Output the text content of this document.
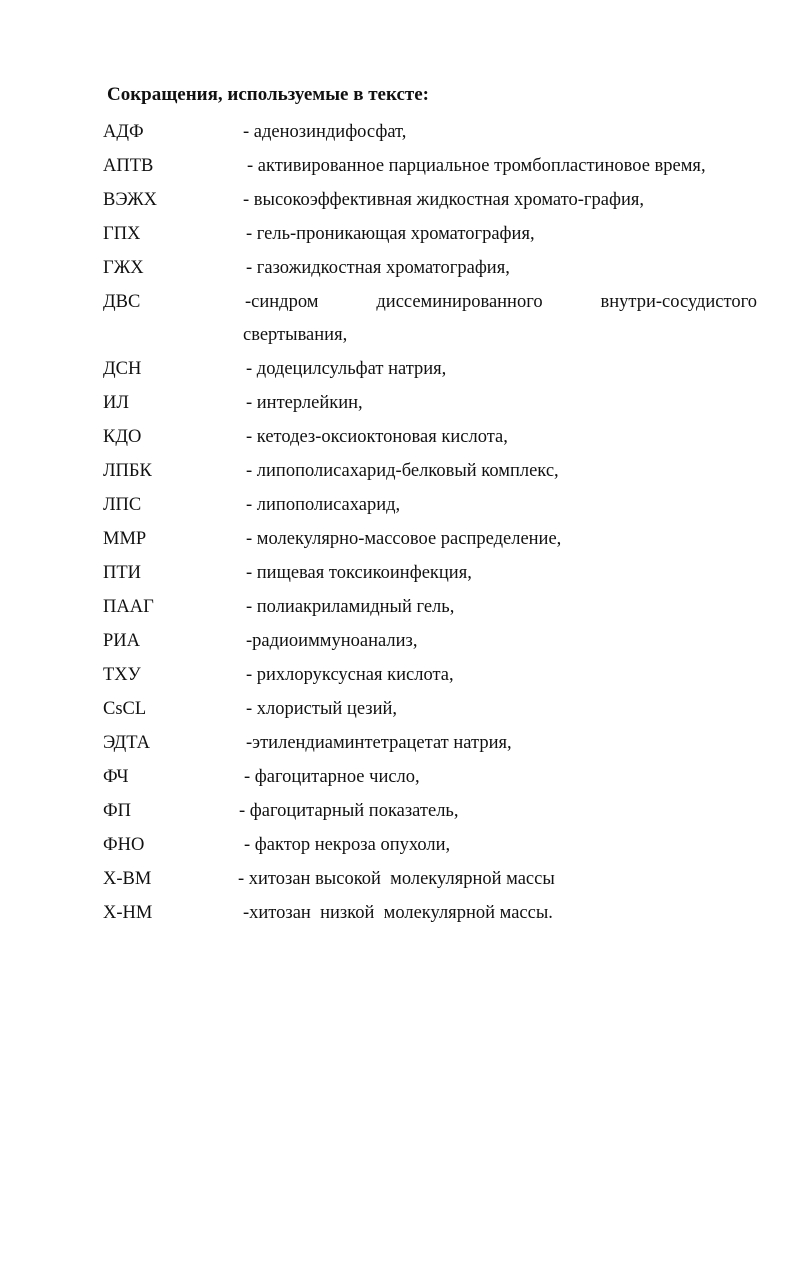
Сокращения, используемые в тексте:
АДФ	- аденозиндифосфат,
АПТВ	- активированное парциальное тромбопластиновое время,
ВЭЖХ	- высокоэффективная жидкостная хромато-графия,
ГПХ	- гель-проникающая хроматография,
ГЖХ	- газожидкостная хроматография,
ДВС	-синдром	диссеминированного	внутри-сосудистого
свертывания,
ДСН	- додецилсульфат натрия,
ИЛ	- интерлейкин,
КДО	- кетодез-оксиоктоновая кислота,
ЛПБК	- липополисахарид-белковый комплекс,
ЛПС	- липополисахарид,
ММР	- молекулярно-массовое распределение,
ПТИ	- пищевая токсикоинфекция,
ПААГ	- полиакриламидный гель,
РИА	-радиоиммуноанализ,
ТХУ	- рихлоруксусная кислота,
CsCL	- хлористый цезий,
ЭДТА	-этилендиаминтетрацетат натрия,
ФЧ	- фагоцитарное число,
ФП	- фагоцитарный показатель,
ФНО	- фактор некроза опухоли,
Х-ВМ	- хитозан высокой  молекулярной массы
Х-НМ	-хитозан  низкой  молекулярной массы.
